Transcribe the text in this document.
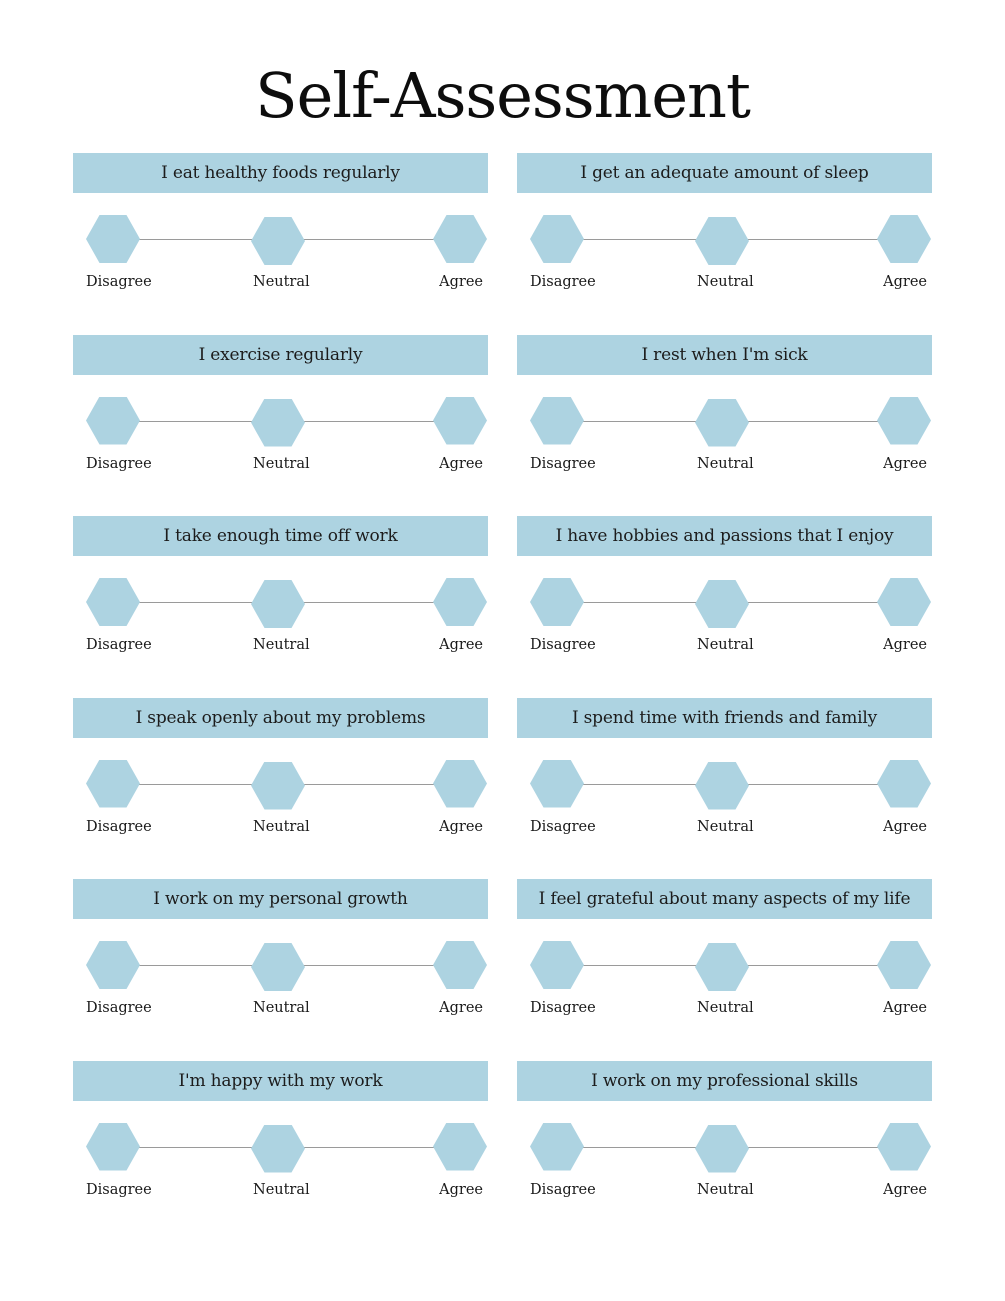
Self-Assessment
I eat healthy foods regularly
Disagree	Neutral	Agree
I get an adequate amount of sleep
Disagree	Neutral	Agree
I exercise regularly
Disagree	Neutral	Agree
I rest when I'm sick
Disagree	Neutral	Agree
I take enough time off work
Disagree	Neutral	Agree
I have hobbies and passions that I enjoy
Disagree	Neutral	Agree
I speak openly about my problems
Disagree	Neutral	Agree
I spend time with friends and family
Disagree	Neutral	Agree
I work on my personal growth
Disagree	Neutral	Agree
I feel grateful about many aspects of my life
Disagree	Neutral	Agree
I'm happy with my work
Disagree	Neutral	Agree
I work on my professional skills
Disagree	Neutral	Agree
